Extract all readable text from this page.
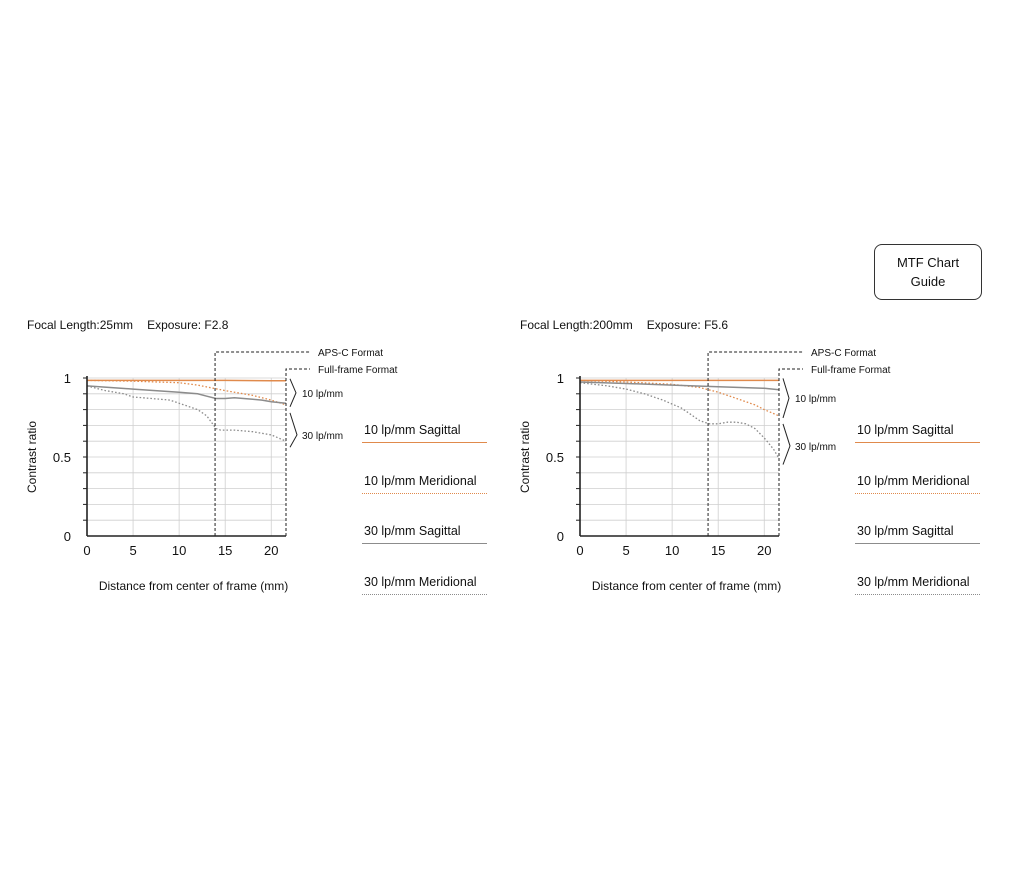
MTF Chart
Guide
Focal Length:25mm Exposure: F2.8
0	5	10 15 20
0
0.5
1
Distance from center of frame (mm)
Contrast ratio
APS-C Format
Full-frame Format
10 lp/mm
30 lp/mm 10 lp/mm Sagittal
10 lp/mm Meridional
30 lp/mm Sagittal
30 lp/mm Meridional
Focal Length:200mm Exposure: F5.6
0	5	10 15 20
0
0.5
1
Distance from center of frame (mm)
Contrast ratio
APS-C Format
Full-frame Format
10 lp/mm
30 lp/mm
10 lp/mm Sagittal
10 lp/mm Meridional
30 lp/mm Sagittal
30 lp/mm Meridional
